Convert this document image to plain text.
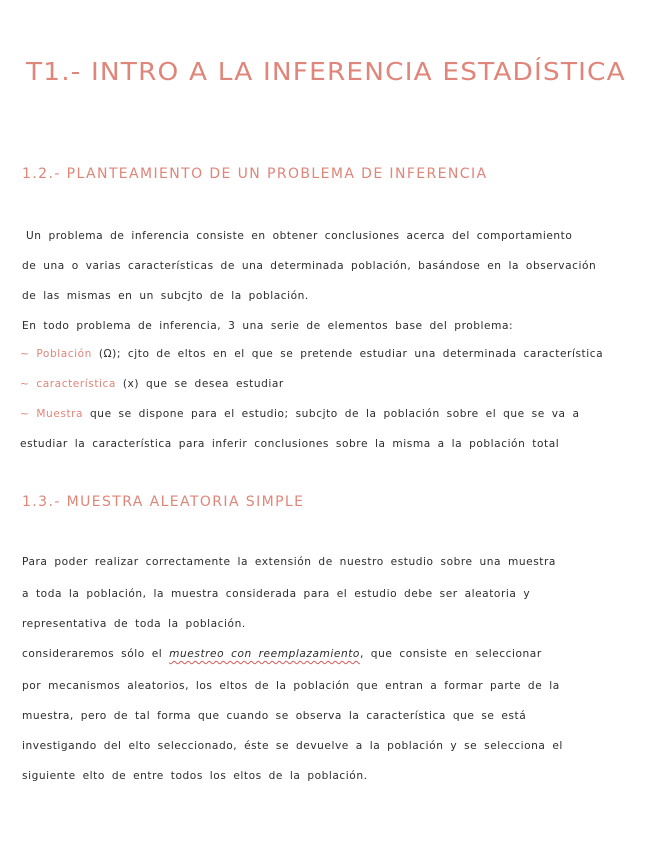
T1.- INTRO A LA INFERENCIA ESTADÍSTICA
1.2.- PLANTEAMIENTO DE UN PROBLEMA DE INFERENCIA
Un problema de inferencia consiste en obtener conclusiones acerca del comportamiento
de una o varias características de una determinada población, basándose en la observación
de las mismas en un subcjto de la población.
En todo problema de inferencia, 3 una serie de elementos base del problema:
~ Población (Ω); cjto de eltos en el que se pretende estudiar una determinada característica
~ característica (x) que se desea estudiar
~ Muestra que se dispone para el estudio; subcjto de la población sobre el que se va a
estudiar la característica para inferir conclusiones sobre la misma a la población total
1.3.- MUESTRA ALEATORIA SIMPLE
Para poder realizar correctamente la extensión de nuestro estudio sobre una muestra
a toda la población, la muestra considerada para el estudio debe ser aleatoria y
representativa de toda la población.
consideraremos sólo el muestreo con reemplazamiento, que consiste en seleccionar
por mecanismos aleatorios, los eltos de la población que entran a formar parte de la
muestra, pero de tal forma que cuando se observa la característica que se está
investigando del elto seleccionado, éste se devuelve a la población y se selecciona el
siguiente elto de entre todos los eltos de la población.
